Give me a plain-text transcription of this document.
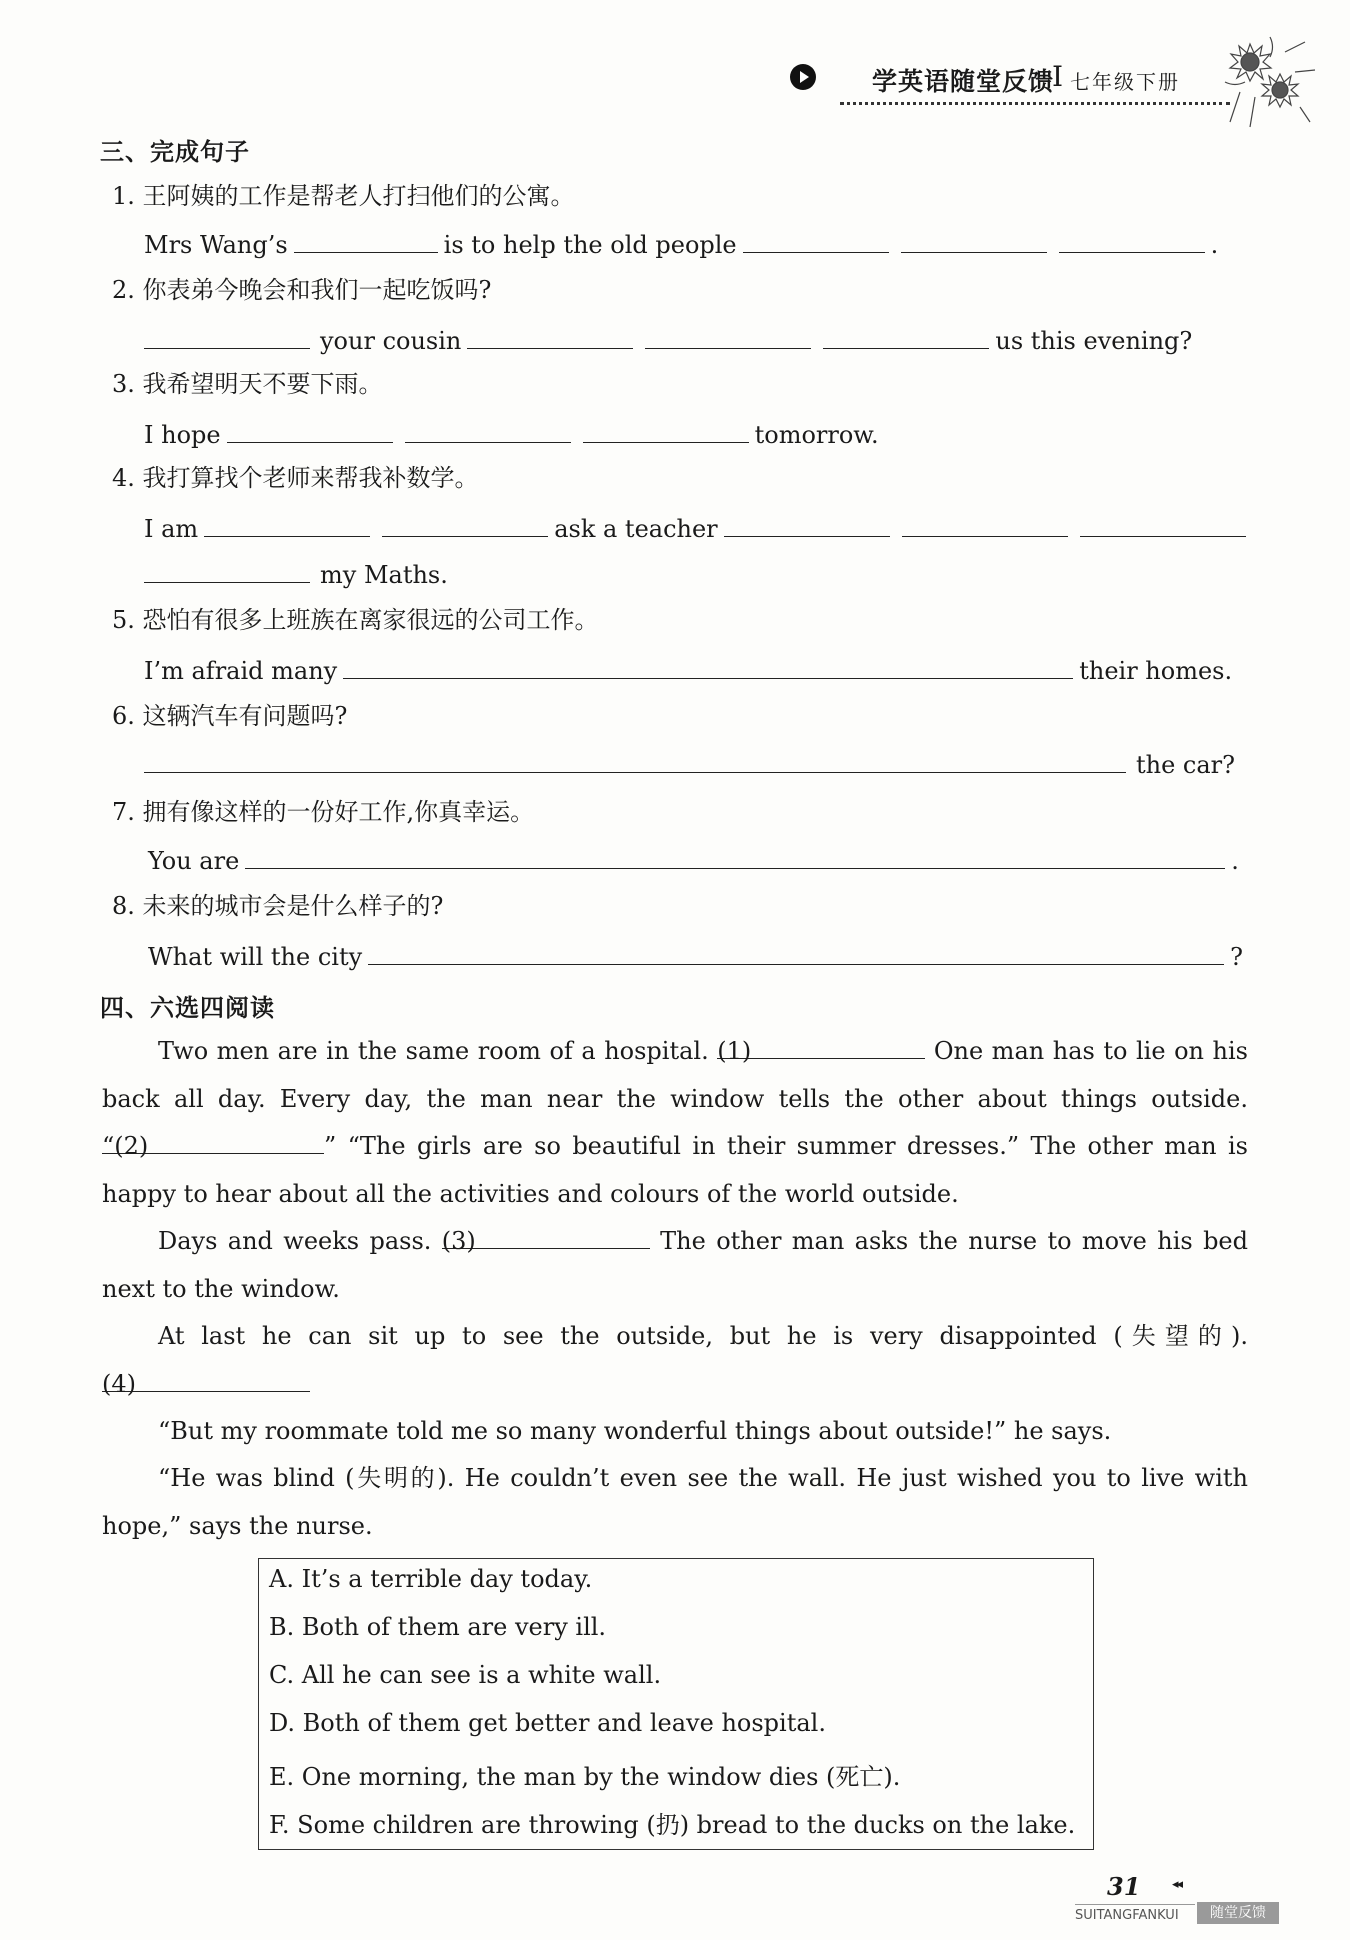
学英语随堂反馈
I 七年级下册
三、完成句子
1. 王阿姨的工作是帮老人打扫他们的公寓。
Mrs Wang’s	is to help the old people	.
2. 你表弟今晚会和我们一起吃饭吗?
your cousin	us this evening?
3. 我希望明天不要下雨。
I hope	tomorrow.
4. 我打算找个老师来帮我补数学。
I am	ask a teacher
my Maths.
5. 恐怕有很多上班族在离家很远的公司工作。
I’m afraid many	their homes.
6. 这辆汽车有问题吗?
the car?
7. 拥有像这样的一份好工作,你真幸运。
You are	.
8. 未来的城市会是什么样子的?
What will the city	?
四、六选四阅读
Two men are in the same room of a hospital. (1)	One man has to lie on his back all day. Every day, the man near the window tells the other about things outside. “(2)	” “The girls are so beautiful in their summer dresses.” The other man is happy to hear about all the activities and colours of the world outside.
Days and weeks pass. (3)	The other man asks the nurse to move his bed next to the window.
At last he can sit up to see the outside, but he is very disappointed (失望的). (4)
“But my roommate told me so many wonderful things about outside!” he says.
“He was blind (失明的). He couldn’t even see the wall. He just wished you to live with hope,” says the nurse.
A. It’s a terrible day today.
B. Both of them are very ill.
C. All he can see is a white wall.
D. Both of them get better and leave hospital.
E. One morning, the man by the window dies (死亡).
F. Some children are throwing (扔) bread to the ducks on the lake.
31 ◂◂
SUITANGFANKUI	随堂反馈
